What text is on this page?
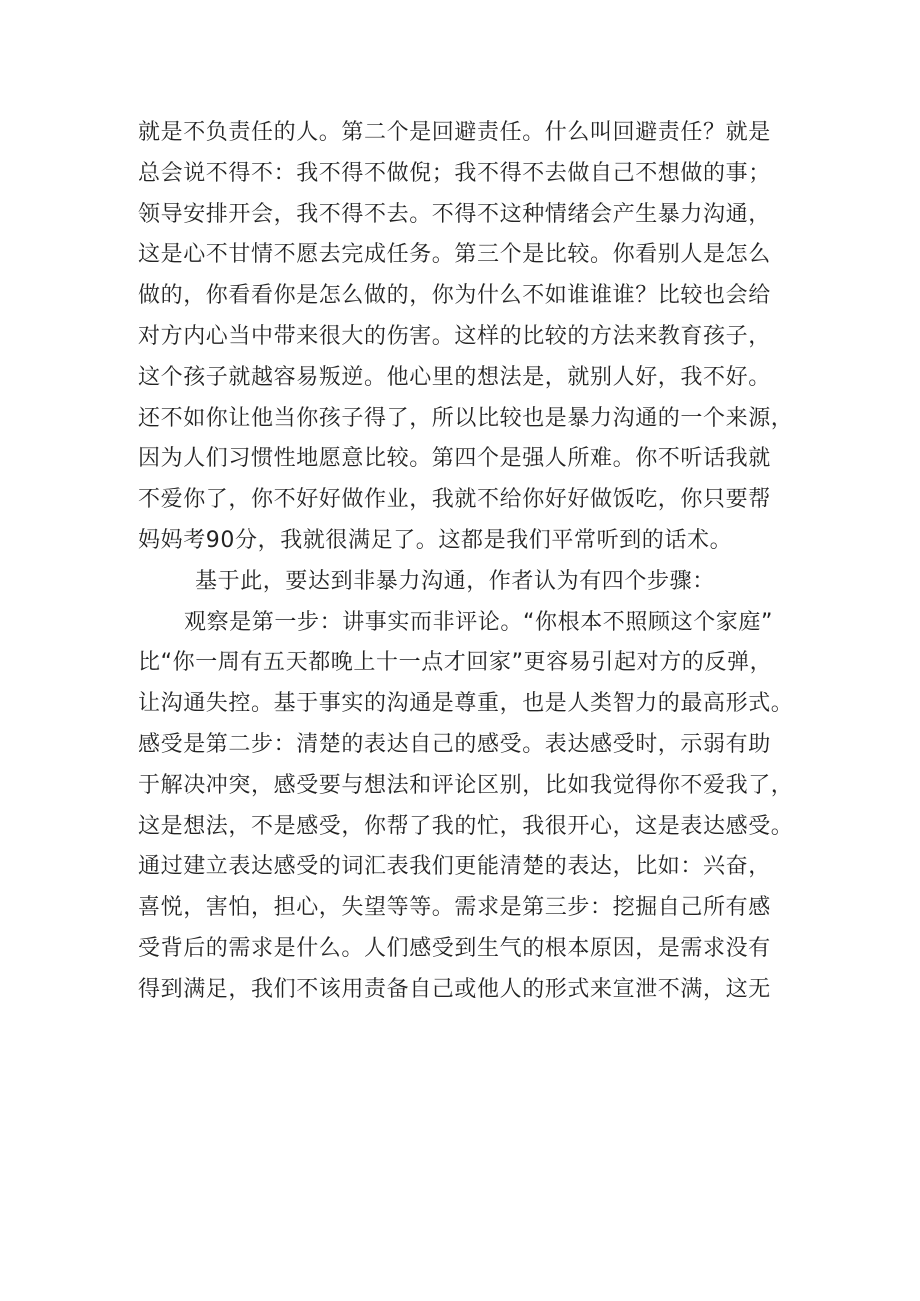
就是不负责任的人。第二个是回避责任。什么叫回避责任？就是
总会说不得不：我不得不做倪；我不得不去做自己不想做的事；
领导安排开会，我不得不去。不得不这种情绪会产生暴力沟通，
这是心不甘情不愿去完成任务。第三个是比较。你看别人是怎么
做的，你看看你是怎么做的，你为什么不如谁谁谁？比较也会给
对方内心当中带来很大的伤害。这样的比较的方法来教育孩子，
这个孩子就越容易叛逆。他心里的想法是，就别人好，我不好。
还不如你让他当你孩子得了，所以比较也是暴力沟通的一个来源，
因为人们习惯性地愿意比较。第四个是强人所难。你不听话我就
不爱你了，你不好好做作业，我就不给你好好做饭吃，你只要帮
妈妈考90分，我就很满足了。这都是我们平常听到的话术。
基于此，要达到非暴力沟通，作者认为有四个步骤：
观察是第一步：讲事实而非评论。“你根本不照顾这个家庭”
比“你一周有五天都晚上十一点才回家”更容易引起对方的反弹，
让沟通失控。基于事实的沟通是尊重，也是人类智力的最高形式。
感受是第二步：清楚的表达自己的感受。表达感受时，示弱有助
于解决冲突，感受要与想法和评论区别，比如我觉得你不爱我了，
这是想法，不是感受，你帮了我的忙，我很开心，这是表达感受。
通过建立表达感受的词汇表我们更能清楚的表达，比如：兴奋，
喜悦，害怕，担心，失望等等。需求是第三步：挖掘自己所有感
受背后的需求是什么。人们感受到生气的根本原因，是需求没有
得到满足，我们不该用责备自己或他人的形式来宣泄不满，这无
